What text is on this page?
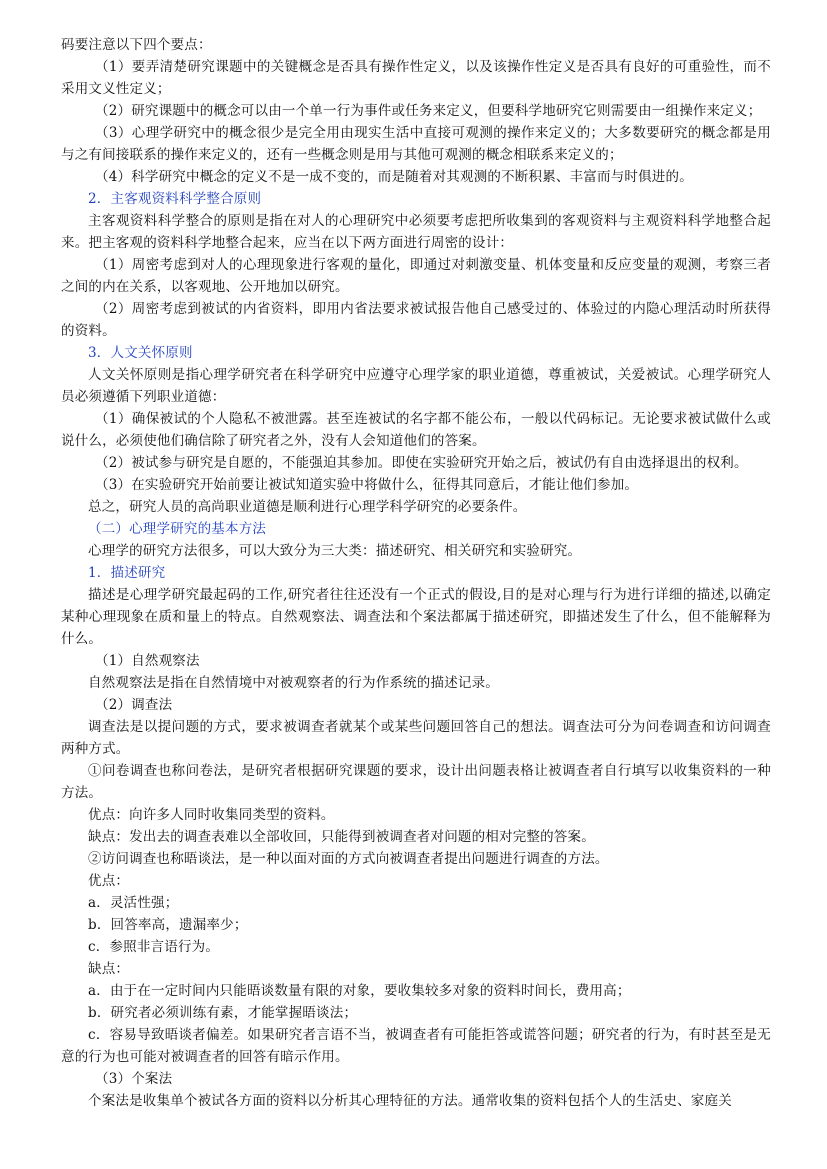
码要注意以下四个要点：

（1）要弄清楚研究课题中的关键概念是否具有操作性定义，以及该操作性定义是否具有良好的可重验性，而不采用文义性定义；

（2）研究课题中的概念可以由一个单一行为事件或任务来定义，但要科学地研究它则需要由一组操作来定义；

（3）心理学研究中的概念很少是完全用由现实生活中直接可观测的操作来定义的；大多数要研究的概念都是用与之有间接联系的操作来定义的，还有一些概念则是用与其他可观测的概念相联系来定义的；

（4）科学研究中概念的定义不是一成不变的，而是随着对其观测的不断积累、丰富而与时俱进的。

2．主客观资料科学整合原则

主客观资料科学整合的原则是指在对人的心理研究中必须要考虑把所收集到的客观资料与主观资料科学地整合起来。把主客观的资料科学地整合起来，应当在以下两方面进行周密的设计：

（1）周密考虑到对人的心理现象进行客观的量化，即通过对刺激变量、机体变量和反应变量的观测，考察三者之间的内在关系，以客观地、公开地加以研究。

（2）周密考虑到被试的内省资料，即用内省法要求被试报告他自己感受过的、体验过的内隐心理活动时所获得的资料。

3．人文关怀原则

人文关怀原则是指心理学研究者在科学研究中应遵守心理学家的职业道德，尊重被试，关爱被试。心理学研究人员必须遵循下列职业道德：

（1）确保被试的个人隐私不被泄露。甚至连被试的名字都不能公布，一般以代码标记。无论要求被试做什么或说什么，必须使他们确信除了研究者之外，没有人会知道他们的答案。

（2）被试参与研究是自愿的，不能强迫其参加。即使在实验研究开始之后，被试仍有自由选择退出的权利。

（3）在实验研究开始前要让被试知道实验中将做什么，征得其同意后，才能让他们参加。

总之，研究人员的高尚职业道德是顺利进行心理学科学研究的必要条件。

（二）心理学研究的基本方法

心理学的研究方法很多，可以大致分为三大类：描述研究、相关研究和实验研究。

1．描述研究

描述是心理学研究最起码的工作,研究者往往还没有一个正式的假设,目的是对心理与行为进行详细的描述,以确定某种心理现象在质和量上的特点。自然观察法、调查法和个案法都属于描述研究，即描述发生了什么，但不能解释为什么。

（1）自然观察法

自然观察法是指在自然情境中对被观察者的行为作系统的描述记录。

（2）调查法

调查法是以提问题的方式，要求被调查者就某个或某些问题回答自己的想法。调查法可分为问卷调查和访问调查两种方式。

①问卷调查也称问卷法，是研究者根据研究课题的要求，设计出问题表格让被调查者自行填写以收集资料的一种方法。

优点：向许多人同时收集同类型的资料。

缺点：发出去的调查表难以全部收回，只能得到被调查者对问题的相对完整的答案。

②访问调查也称晤谈法，是一种以面对面的方式向被调查者提出问题进行调查的方法。

优点：

a．灵活性强；

b．回答率高，遗漏率少；

c．参照非言语行为。

缺点：

a．由于在一定时间内只能晤谈数量有限的对象，要收集较多对象的资料时间长，费用高；

b．研究者必须训练有素，才能掌握晤谈法；

c．容易导致晤谈者偏差。如果研究者言语不当，被调查者有可能拒答或谎答问题；研究者的行为，有时甚至是无意的行为也可能对被调查者的回答有暗示作用。

（3）个案法

个案法是收集单个被试各方面的资料以分析其心理特征的方法。通常收集的资料包括个人的生活史、家庭关
